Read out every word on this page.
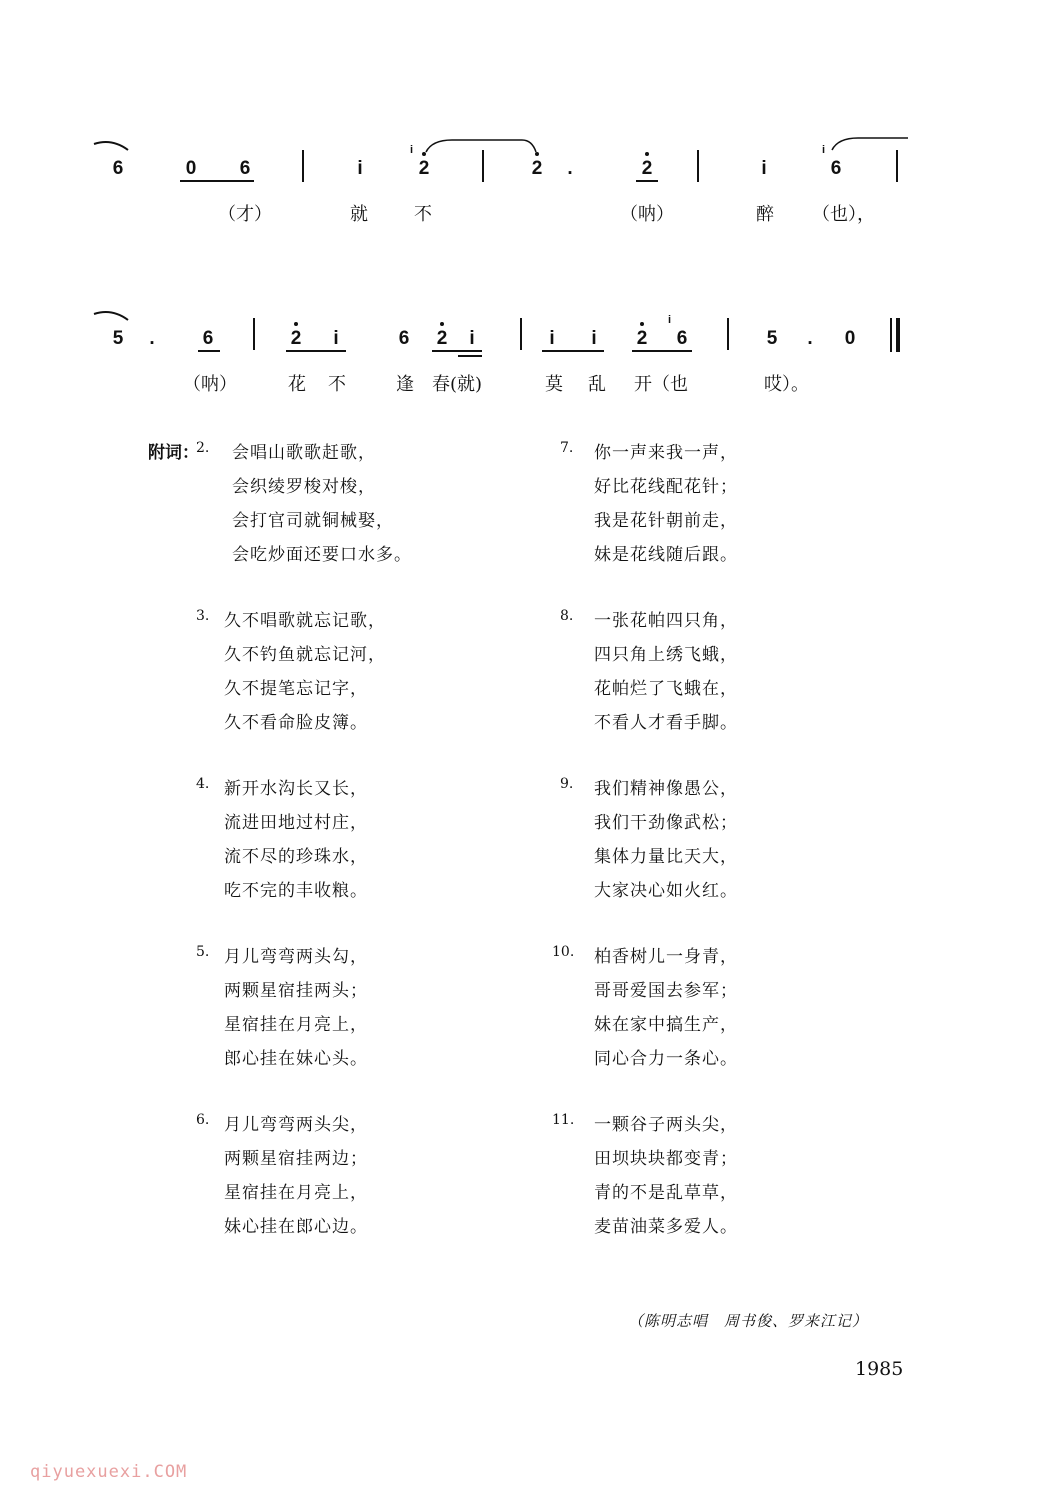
6	0	6	i
i
2	2	.	2	i
i
6
（才）	就	不	（呐）	醉 （也），
5	.	6	2	i	6	2	i	i	i	2
i
6	5	.	0
（呐）	花 不	逢 春(就)	莫 乱 开（也	哎）。
附词：
2. 会唱山歌歌赶歌，
会织绫罗梭对梭，
会打官司就铜械娶，
会吃炒面还要口水多。
3. 久不唱歌就忘记歌，
久不钓鱼就忘记河，
久不提笔忘记字，
久不看命脸皮簿。
4. 新开水沟长又长，
流进田地过村庄，
流不尽的珍珠水，
吃不完的丰收粮。
5. 月儿弯弯两头勾，
两颗星宿挂两头；
星宿挂在月亮上，
郎心挂在妹心头。
6. 月儿弯弯两头尖，
两颗星宿挂两边；
星宿挂在月亮上，
妹心挂在郎心边。
7. 你一声来我一声，
好比花线配花针；
我是花针朝前走，
妹是花线随后跟。
8. 一张花帕四只角，
四只角上绣飞蛾，
花帕烂了飞蛾在，
不看人才看手脚。
9. 我们精神像愚公，
我们干劲像武松；
集体力量比天大，
大家决心如火红。
10. 柏香树儿一身青，
哥哥爱国去参军；
妹在家中搞生产，
同心合力一条心。
11. 一颗谷子两头尖，
田坝块块都变青；
青的不是乱草草，
麦苗油菜多爱人。
（陈明志唱　周书俊、罗来江记）
1985
qiyuexuexi.COM
